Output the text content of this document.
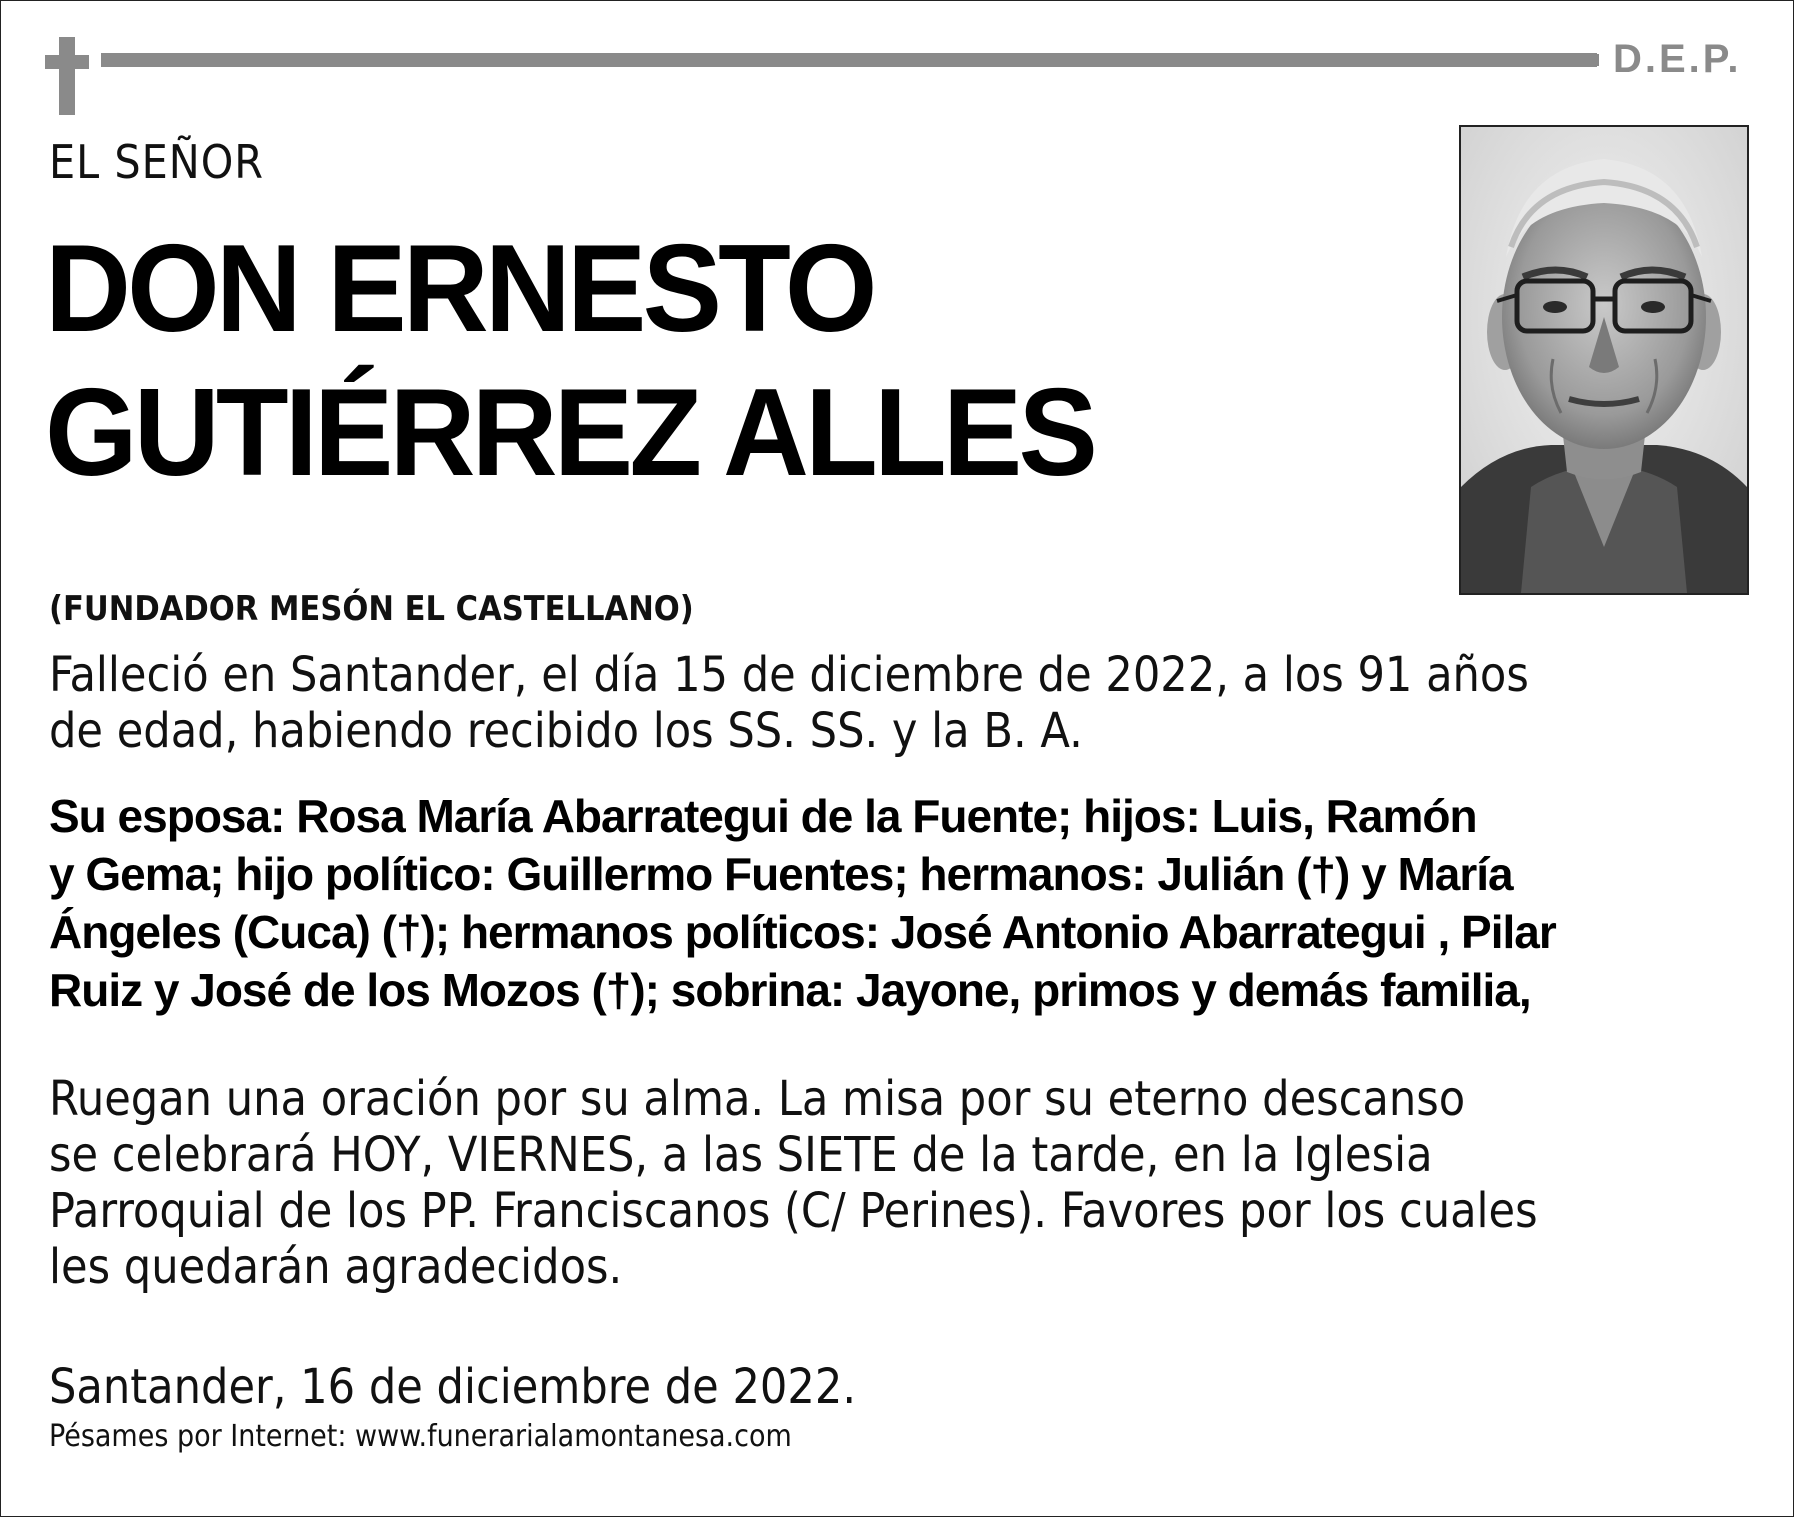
D.E.P.
EL SEÑOR
DON ERNESTO
GUTIÉRREZ ALLES
(FUNDADOR MESÓN EL CASTELLANO)
Falleció en Santander, el día 15 de diciembre de 2022, a los 91 años
de edad, habiendo recibido los SS. SS. y la B. A.
Su esposa: Rosa María Abarrategui de la Fuente; hijos: Luis, Ramón
y Gema; hijo político: Guillermo Fuentes; hermanos: Julián (†) y María
Ángeles (Cuca) (†); hermanos políticos: José Antonio Abarrategui , Pilar
Ruiz y José de los Mozos (†); sobrina: Jayone, primos y demás familia,
Ruegan una oración por su alma. La misa por su eterno descanso
se celebrará HOY, VIERNES, a las SIETE de la tarde, en la Iglesia
Parroquial de los PP. Franciscanos (C/ Perines). Favores por los cuales
les quedarán agradecidos.
Santander, 16 de diciembre de 2022.
Pésames por Internet: www.funerarialamontanesa.com
